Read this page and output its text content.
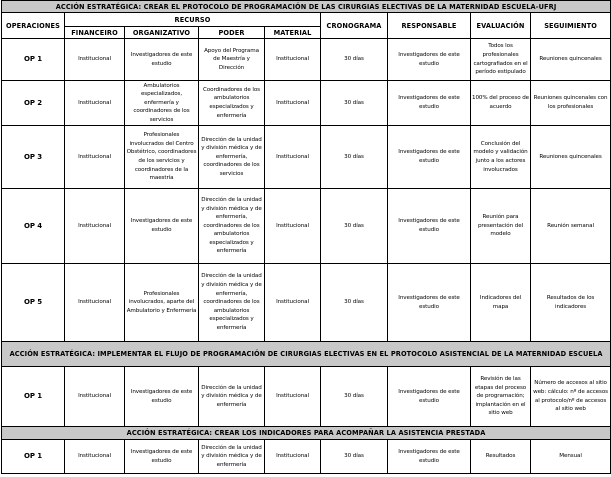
ACCIÓN ESTRATÉGICA: CREAR EL PROTOCOLO DE PROGRAMACIÓN DE LAS CIRURGIAS ELECTIVAS DE LA MATERNIDAD ESCUELA-UFRJ								
OPERACIONES	RECURSO				CRONOGRAMA	RESPONSABLE	EVALUACIÓN	SEGUIMIENTO
	FINANCEIRO	ORGANIZATIVO	PODER	MATERIAL				
OP 1	Institucional	Investigadores de este estudio	Apoyo del Programa de Maestría y Dirección	Institucional	30 días	Investigadores de este estudio	Todos los profesionales cartografiados en el período estipulado	Reuniones quincenales
OP 2	Institucional	Ambulatorios especializados, enfermería y coordinadores de los servicios	Coordinadores de los ambulatorios especializados y enfermería	Institucional	30 días	Investigadores de este estudio	100% del proceso de acuerdo	Reuniones quincenales con los profesionales
OP 3	Institucional	Profesionales involucrados del Centro Obstétrico, coordinadores de los servicios y coordinadores de la maestría	Dirección de la unidad y división médica y de enfermería, coordinadores de los servicios	Institucional	30 días	Investigadores de este estudio	Conclusión del modelo y validación junto a los actores involucrados	Reuniones quincenales
OP 4	Institucional	Investigadores de este estudio	Dirección de la unidad y división médica y de enfermería, coordinadores de los ambulatorios especializados y enfermería	Institucional	30 días	Investigadores de este estudio	Reunión para presentación del modelo	Reunión semanal
OP 5	Institucional	Profesionales involucrados, aparte del Ambulatorio y Enfermería	Dirección de la unidad y división médica y de enfermería, coordinadores de los ambulatorios especializados y enfermería	Institucional	30 días	Investigadores de este estudio	Indicadores del mapa	Resultados de los indicadores
ACCIÓN ESTRATÉGICA: IMPLEMENTAR EL FLUJO DE PROGRAMACIÓN DE CIRURGIAS ELECTIVAS EN EL PROTOCOLO ASISTENCIAL DE LA MATERNIDAD ESCUELA								
OP 1	Institucional	Investigadores de este estudio	Dirección de la unidad y división médica y de enfermería	Institucional	30 días	Investigadores de este estudio	Revisión de las etapas del proceso de programación; implantación en el sitio web	Número de accesos al sitio web: cálculo: nº de accesos al protocolo/nº de accesos al sitio web
ACCIÓN ESTRATÉGICA: CREAR LOS INDICADORES PARA ACOMPAÑAR LA ASISTENCIA PRESTADA								
OP 1	Institucional	Investigadores de este estudio	Dirección de la unidad y división médica y de enfermería	Institucional	30 días	Investigadores de este estudio	Resultados	Mensual
